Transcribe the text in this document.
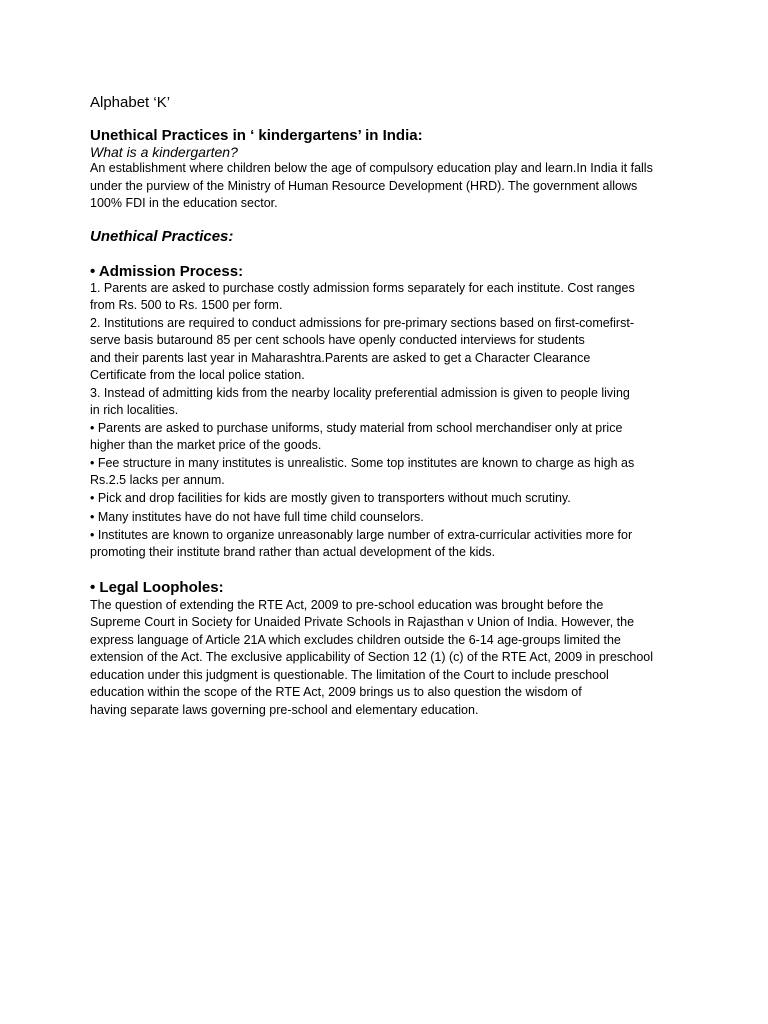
Alphabet ‘K’
Unethical Practices in ‘ kindergartens’ in India:
What is a kindergarten?
An establishment where children below the age of compulsory education play and learn.In India it falls
under the purview of the Ministry of Human Resource Development (HRD). The government allows
100% FDI in the education sector.
Unethical Practices:
• Admission Process:
1. Parents are asked to purchase costly admission forms separately for each institute. Cost ranges
from Rs. 500 to Rs. 1500 per form.
2. Institutions are required to conduct admissions for pre-primary sections based on first-comefirst-
serve basis butaround 85 per cent schools have openly conducted interviews for students
and their parents last year in Maharashtra.Parents are asked to get a Character Clearance
Certificate from the local police station.
3. Instead of admitting kids from the nearby locality preferential admission is given to people living
in rich localities.
• Parents are asked to purchase uniforms, study material from school merchandiser only at price
higher than the market price of the goods.
• Fee structure in many institutes is unrealistic. Some top institutes are known to charge as high as
Rs.2.5 lacks per annum.
• Pick and drop facilities for kids are mostly given to transporters without much scrutiny.
• Many institutes have do not have full time child counselors.
• Institutes are known to organize unreasonably large number of extra-curricular activities more for
promoting their institute brand rather than actual development of the kids.
• Legal Loopholes:
The question of extending the RTE Act, 2009 to pre-school education was brought before the
Supreme Court in Society for Unaided Private Schools in Rajasthan v Union of India. However, the
express language of Article 21A which excludes children outside the 6-14 age-groups limited the
extension of the Act. The exclusive applicability of Section 12 (1) (c) of the RTE Act, 2009 in preschool
education under this judgment is questionable. The limitation of the Court to include preschool
education within the scope of the RTE Act, 2009 brings us to also question the wisdom of
having separate laws governing pre-school and elementary education.
